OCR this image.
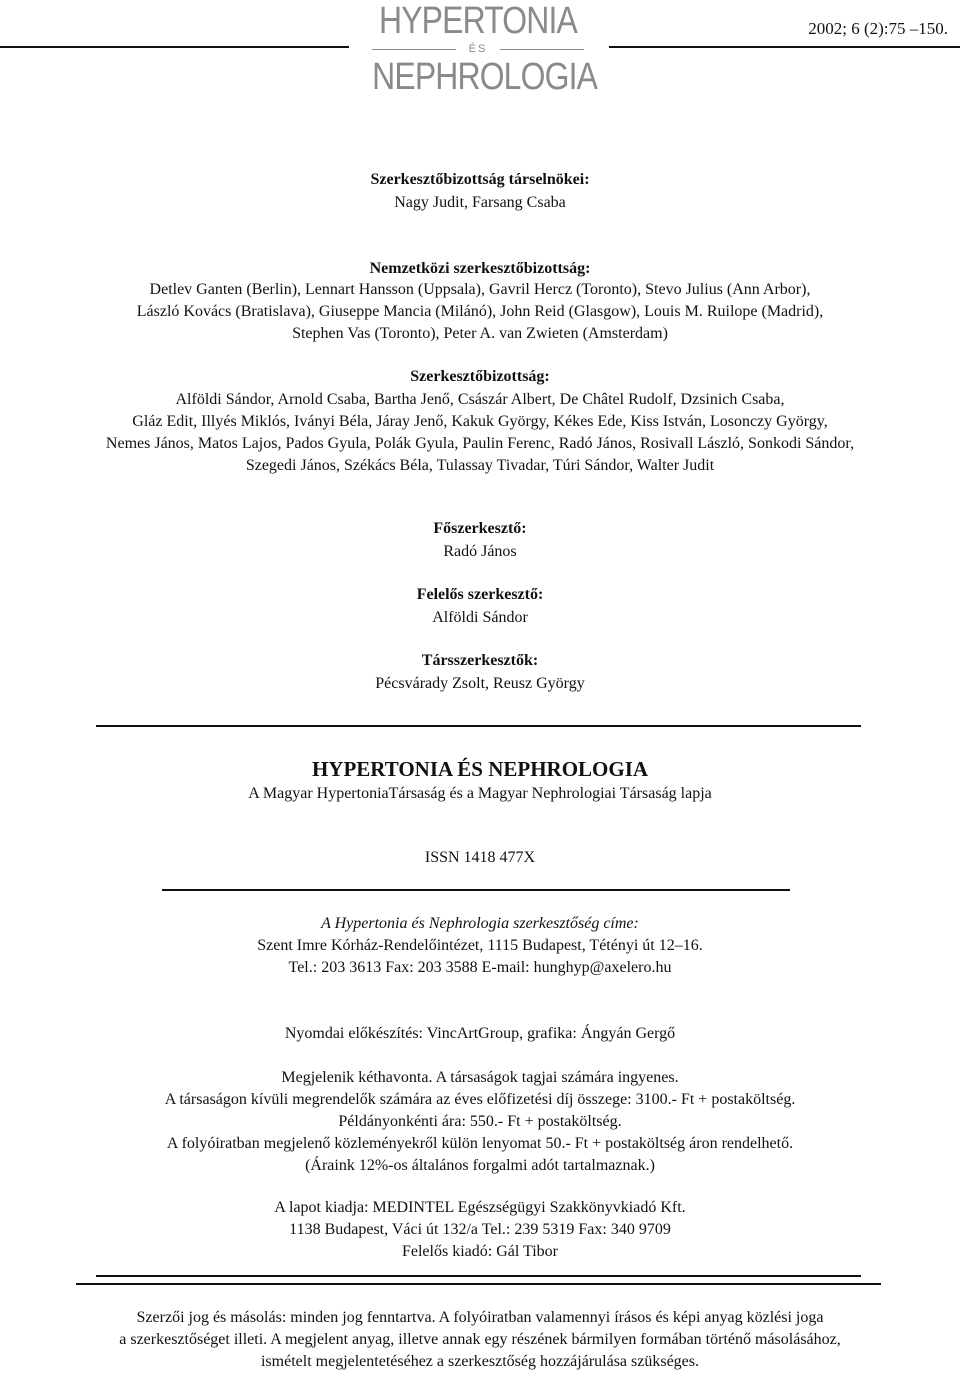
HYPERTONIA
ÉS
NEPHROLOGIA
2002; 6 (2):75 –150.
Szerkesztőbizottság társelnökei:
Nagy Judit, Farsang Csaba
Nemzetközi szerkesztőbizottság:

Detlev Ganten (Berlin), Lennart Hansson (Uppsala), Gavril Hercz (Toronto), Stevo Julius (Ann Arbor),

László Kovács (Bratislava), Giuseppe Mancia (Milánó), John Reid (Glasgow), Louis M. Ruilope (Madrid),

Stephen Vas (Toronto), Peter A. van Zwieten (Amsterdam)

Szerkesztőbizottság:

Alföldi Sándor, Arnold Csaba, Bartha Jenő, Császár Albert, De Châtel Rudolf, Dzsinich Csaba,

Gláz Edit, Illyés Miklós, Iványi Béla, Járay Jenő, Kakuk György, Kékes Ede, Kiss István, Losonczy György,

Nemes János, Matos Lajos, Pados Gyula, Polák Gyula, Paulin Ferenc, Radó János, Rosivall László, Sonkodi Sándor,

Szegedi János, Székács Béla, Tulassay Tivadar, Túri Sándor, Walter Judit

Főszerkesztő:
Radó János
Felelős szerkesztő:
Alföldi Sándor
Társszerkesztők:
Pécsvárady Zsolt, Reusz György
HYPERTONIA ÉS NEPHROLOGIA
A Magyar HypertoniaTársaság és a Magyar Nephrologiai Társaság lapja
ISSN 1418 477X
A Hypertonia és Nephrologia szerkesztőség címe:
Szent Imre Kórház-Rendelőintézet, 1115 Budapest, Tétényi út 12–16.
Tel.: 203 3613 Fax: 203 3588 E-mail: hunghyp@axelero.hu
Nyomdai előkészítés: VincArtGroup, grafika: Ángyán Gergő

Megjelenik kéthavonta. A társaságok tagjai számára ingyenes.

A társaságon kívüli megrendelők számára az éves előfizetési díj összege: 3100.- Ft + postaköltség.

Példányonkénti ára: 550.- Ft + postaköltség.

A folyóiratban megjelenő közleményekről külön lenyomat 50.- Ft + postaköltség áron rendelhető.

(Áraink 12%-os általános forgalmi adót tartalmaznak.)

A lapot kiadja: MEDINTEL Egészségügyi Szakkönyvkiadó Kft.

1138 Budapest, Váci út 132/a Tel.: 239 5319 Fax: 340 9709

Felelős kiadó: Gál Tibor

Szerzői jog és másolás: minden jog fenntartva. A folyóiratban valamennyi írásos és képi anyag közlési joga

a szerkesztőséget illeti. A megjelent anyag, illetve annak egy részének bármilyen formában történő másolásához,

ismételt megjelentetéséhez a szerkesztőség hozzájárulása szükséges.
